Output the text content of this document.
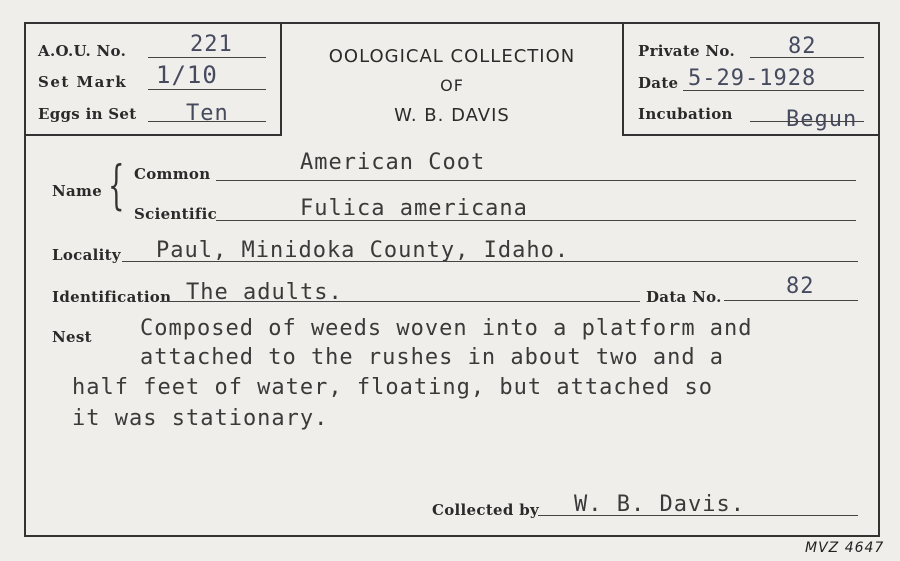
A.O.U. No.	221
Set Mark 1/10
Eggs in Set Ten
OOLOGICAL COLLECTION
OF
W. B. DAVIS
Private No. 82
Date 5-29-1928
Incubation Begun
Name { Common	American Coot
Scientific	Fulica americana
Locality Paul, Minidoka County, Idaho.
Identification The adults.	Data No.	82
Nest Composed of weeds woven into a platform and
attached to the rushes in about two and a
half feet of water, floating, but attached so
it was stationary.
Collected by W. B. Davis.
MVZ 4647
